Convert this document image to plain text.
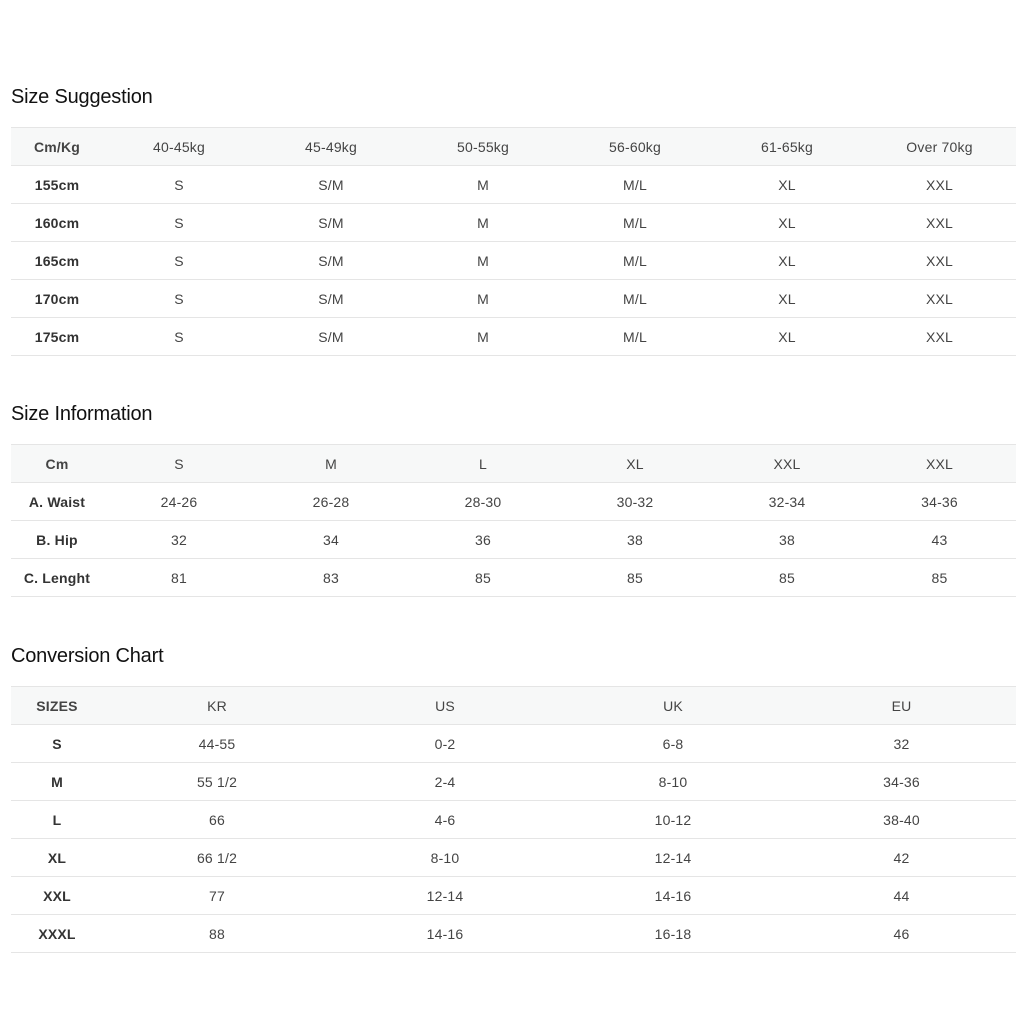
Size Suggestion
Cm/Kg	40-45kg	45-49kg	50-55kg	56-60kg	61-65kg	Over 70kg
155cm	S	S/M	M	M/L	XL	XXL
160cm	S	S/M	M	M/L	XL	XXL
165cm	S	S/M	M	M/L	XL	XXL
170cm	S	S/M	M	M/L	XL	XXL
175cm	S	S/M	M	M/L	XL	XXL
Size Information
Cm	S	M	L	XL	XXL	XXL
A. Waist	24-26	26-28	28-30	30-32	32-34	34-36
B. Hip	32	34	36	38	38	43
C. Lenght	81	83	85	85	85	85
Conversion Chart
SIZES	KR	US	UK	EU
S	44-55	0-2	6-8	32
M	55 1/2	2-4	8-10	34-36
L	66	4-6	10-12	38-40
XL	66 1/2	8-10	12-14	42
XXL	77	12-14	14-16	44
XXXL	88	14-16	16-18	46
